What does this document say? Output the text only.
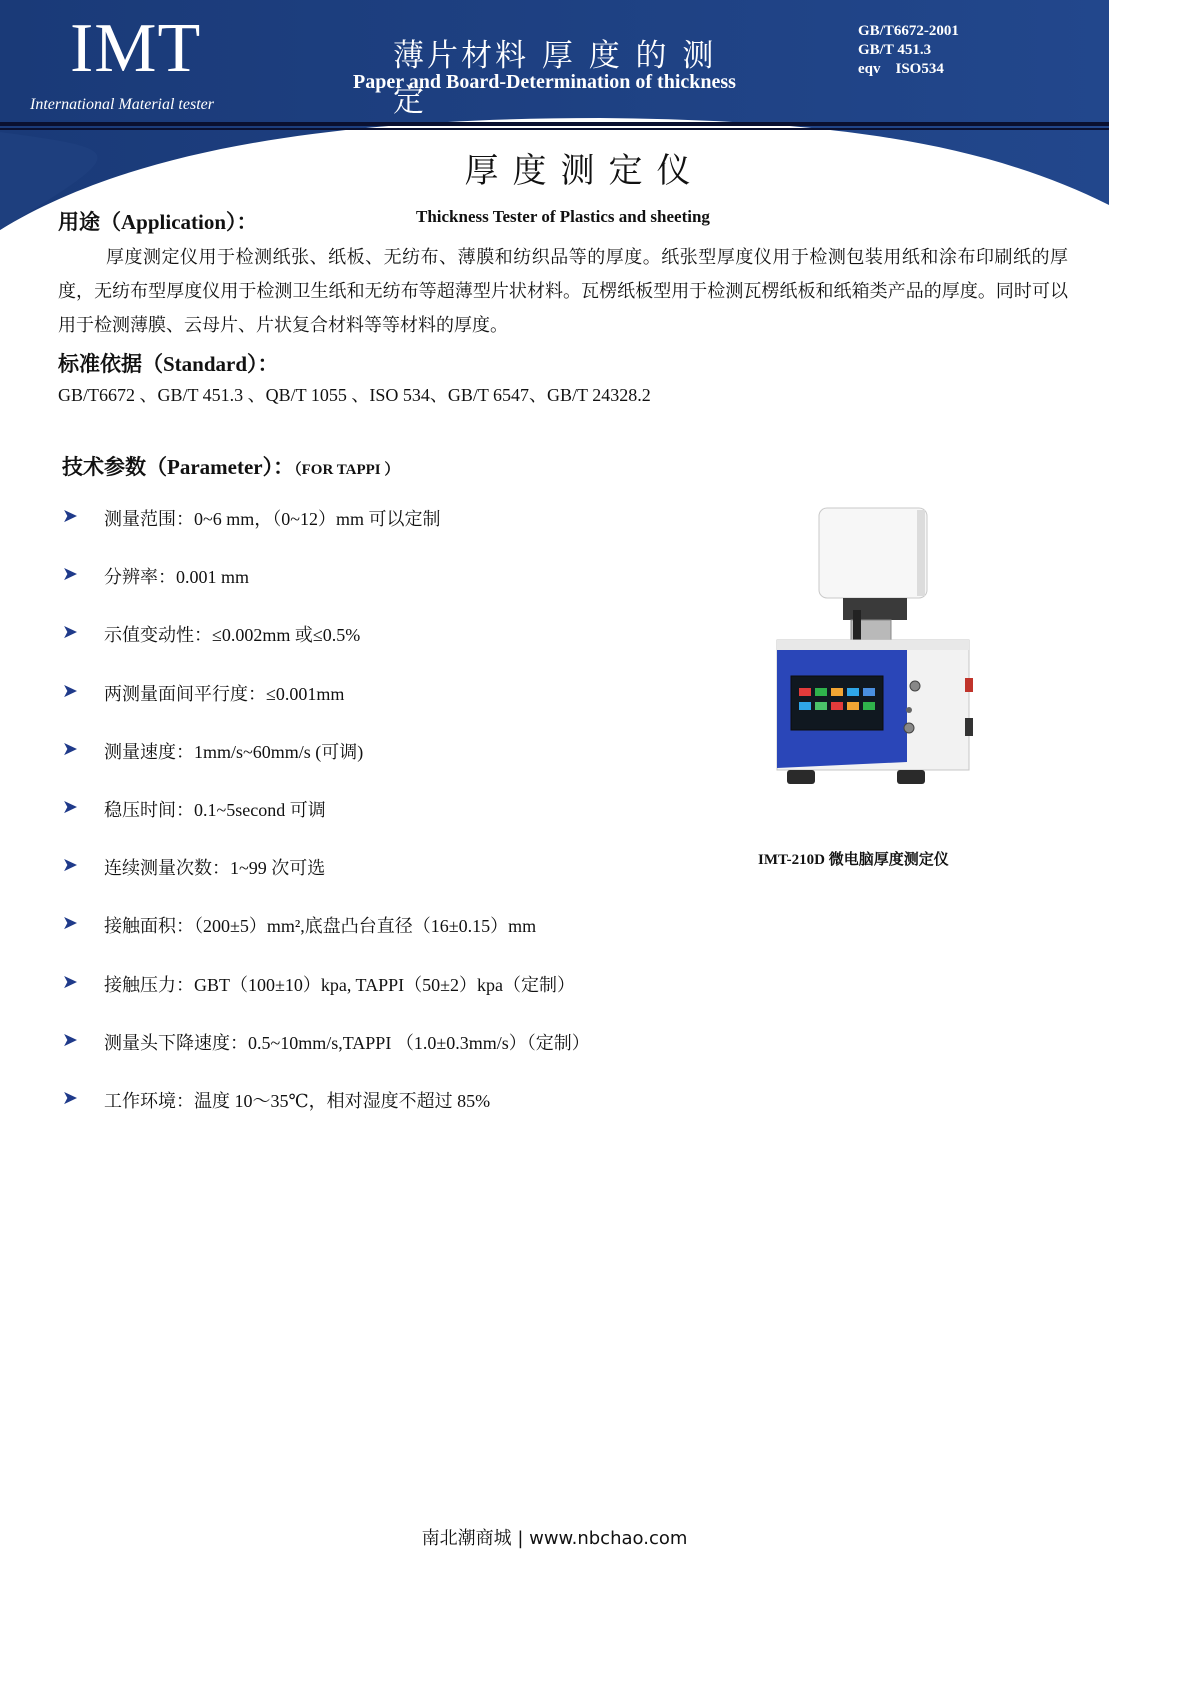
IMT
International Material tester
薄片材料 厚 度 的 测 定
Paper and Board-Determination of thickness
GB/T6672-2001
GB/T 451.3
eqv    ISO534
厚度测定仪
用途（Application）：	Thickness Tester of Plastics and sheeting
厚度测定仪用于检测纸张、纸板、无纺布、薄膜和纺织品等的厚度。纸张型厚度仪用于检测包装用纸和涂布印刷纸的厚度，无纺布型厚度仪用于检测卫生纸和无纺布等超薄型片状材料。瓦楞纸板型用于检测瓦楞纸板和纸箱类产品的厚度。同时可以用于检测薄膜、云母片、片状复合材料等等材料的厚度。
标准依据（Standard）：
GB/T6672 、GB/T 451.3 、QB/T 1055 、ISO 534、GB/T 6547、GB/T 24328.2
技术参数（Parameter）：（FOR TAPPI ）
➤	测量范围：0~6 mm，（0~12）mm 可以定制
➤	分辨率：0.001 mm
➤	示值变动性：≤0.002mm 或≤0.5%
➤	两测量面间平行度：≤0.001mm
➤	测量速度：1mm/s~60mm/s (可调)
➤	稳压时间：0.1~5second 可调
➤	连续测量次数：1~99 次可选
➤	接触面积：（200±5）mm²,底盘凸台直径（16±0.15）mm
➤	接触压力：GBT（100±10）kpa, TAPPI（50±2）kpa（定制）
➤	测量头下降速度：0.5~10mm/s,TAPPI （1.0±0.3mm/s）（定制）
➤	工作环境：温度 10～35℃，相对湿度不超过 85%
IMT-210D 微电脑厚度测定仪
南北潮商城 | www.nbchao.com
